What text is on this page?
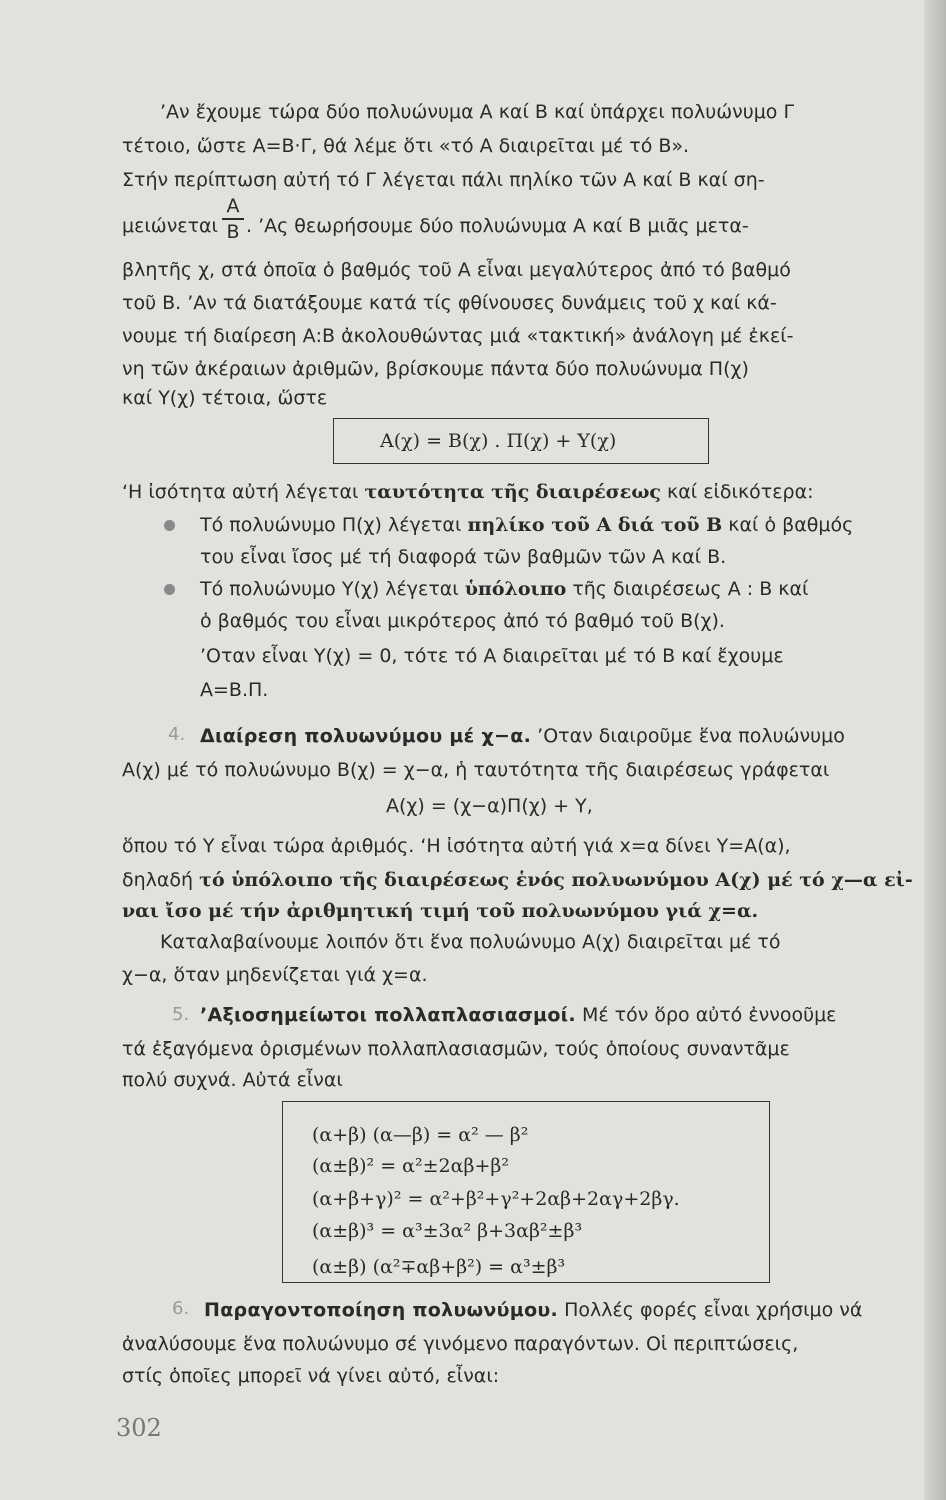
’Αν ἔχουμε τώρα δύο πολυώνυμα Α καί Β καί ὑπάρχει πολυώνυμο Γ
τέτοιο, ὥστε Α=Β·Γ, θά λέμε ὅτι «τό Α διαιρεῖται μέ τό Β».
Στήν περίπτωση αὐτή τό Γ λέγεται πάλι πηλίκο τῶν Α καί Β καί ση-
μειώνεται
Α
Β . ’Ας θεωρήσουμε δύο πολυώνυμα Α καί Β μιᾶς μετα-
βλητῆς χ, στά ὁποῖα ὁ βαθμός τοῦ Α εἶναι μεγαλύτερος ἀπό τό βαθμό
τοῦ Β. ’Αν τά διατάξουμε κατά τίς φθίνουσες δυνάμεις τοῦ χ καί κά-
νουμε τή διαίρεση Α:Β ἀκολουθώντας μιά «τακτική» ἀνάλογη μέ ἐκεί-
νη τῶν ἀκέραιων ἀριθμῶν, βρίσκουμε πάντα δύο πολυώνυμα Π(χ)
καί Υ(χ) τέτοια, ὥστε
Α(χ) = Β(χ) . Π(χ) + Υ(χ)
‘Η ἰσότητα αὐτή λέγεται ταυτότητα τῆς διαιρέσεως καί εἰδικότερα:
Τό πολυώνυμο Π(χ) λέγεται πηλίκο τοῦ Α διά τοῦ Β καί ὁ βαθμός
του εἶναι ἴσος μέ τή διαφορά τῶν βαθμῶν τῶν Α καί Β.
Τό πολυώνυμο Υ(χ) λέγεται ὑπόλοιπο τῆς διαιρέσεως Α : Β καί
ὁ βαθμός του εἶναι μικρότερος ἀπό τό βαθμό τοῦ Β(χ).
’Οταν εἶναι Υ(χ) = 0, τότε τό Α διαιρεῖται μέ τό Β καί ἔχουμε
Α=Β.Π.
4. Διαίρεση πολυωνύμου μέ χ−α. ’Οταν διαιροῦμε ἕνα πολυώνυμο
Α(χ) μέ τό πολυώνυμο Β(χ) = χ−α, ἡ ταυτότητα τῆς διαιρέσεως γράφεται
Α(χ) = (χ−α)Π(χ) + Υ,
ὅπου τό Υ εἶναι τώρα ἀριθμός. ‘Η ἰσότητα αὐτή γιά x=α δίνει Υ=Α(α),
δηλαδή τό ὑπόλοιπο τῆς διαιρέσεως ἑνός πολυωνύμου Α(χ) μέ τό χ—α εἰ-
ναι ἴσο μέ τήν ἀριθμητική τιμή τοῦ πολυωνύμου γιά χ=α.
Καταλαβαίνουμε λοιπόν ὅτι ἕνα πολυώνυμο Α(χ) διαιρεῖται μέ τό
χ−α, ὅταν μηδενίζεται γιά χ=α.
5. ’Αξιοσημείωτοι πολλαπλασιασμοί. Μέ τόν ὅρο αὐτό ἐννοοῦμε
τά ἐξαγόμενα ὁρισμένων πολλαπλασιασμῶν, τούς ὁποίους συναντᾶμε
πολύ συχνά. Αὐτά εἶναι
(α+β) (α—β) = α² — β²
(α±β)² = α²±2αβ+β²
(α+β+γ)² = α²+β²+γ²+2αβ+2αγ+2βγ.
(α±β)³ = α³±3α² β+3αβ²±β³
(α±β) (α²∓αβ+β²) = α³±β³
6. Παραγοντοποίηση πολυωνύμου. Πολλές φορές εἶναι χρήσιμο νά
ἀναλύσουμε ἕνα πολυώνυμο σέ γινόμενο παραγόντων. Οἱ περιπτώσεις,
στίς ὁποῖες μπορεῖ νά γίνει αὐτό, εἶναι:
302
